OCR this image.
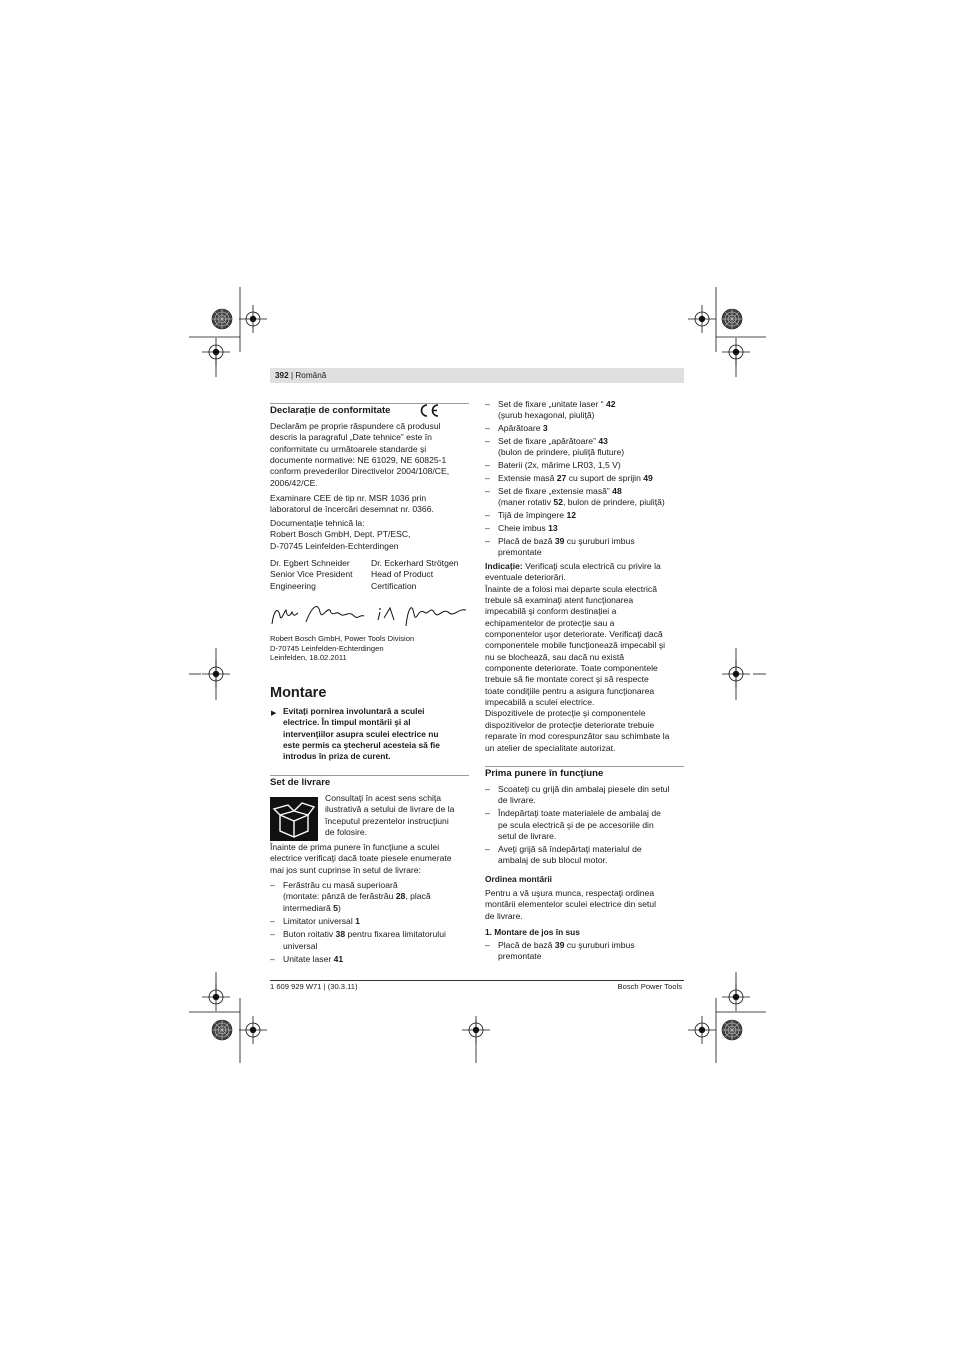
392 | Română
Declarație de conformitate
Declarăm pe proprie răspundere că produsul
descris la paragraful „Date tehnice” este în
conformitate cu următoarele standarde și
documente normative: NE 61029, NE 60825-1
conform prevederilor Directivelor 2004/108/CE,
2006/42/CE.
Examinare CEE de tip nr. MSR 1036 prin
laboratorul de încercări desemnat nr. 0366.
Documentație tehnică la:
Robert Bosch GmbH, Dept. PT/ESC,
D-70745 Leinfelden-Echterdingen
Dr. Egbert Schneider
Senior Vice President
Engineering
Dr. Eckerhard Strötgen
Head of Product
Certification
Robert Bosch GmbH, Power Tools Division
D-70745 Leinfelden-Echterdingen
Leinfelden, 18.02.2011
Montare
▶ Evitați pornirea involuntară a sculei
electrice. În timpul montării şi al
intervenţiilor asupra sculei electrice nu
este permis ca ştecherul acesteia să fie
introdus în priza de curent.
Set de livrare
Consultaţi în acest sens schiţa
ilustrativă a setului de livrare de la
începutul prezentelor instrucţiuni
de folosire.
Înainte de prima punere în funcţiune a sculei
electrice verificaţi dacă toate piesele enumerate
mai jos sunt cuprinse în setul de livrare:
– Ferăstrău cu masă superioară
(montate: pânză de ferăstrău 28, placă
intermediară 5)
– Limitator universal 1
– Buton roitativ 38 pentru fixarea limitatorului
universal
– Unitate laser 41
– Set de fixare „unitate laser “ 42
(şurub hexagonal, piuliță)
– Apărătoare 3
– Set de fixare „apărătoare” 43
(bulon de prindere, piuliţă fluture)
– Baterii (2x, mărime LR03, 1,5 V)
– Extensie masă 27 cu suport de sprijin 49
– Set de fixare „extensie masă” 48
(maner rotativ 52, bulon de prindere, piuliță)
– Tijă de împingere 12
– Cheie imbus 13
– Placă de bază 39 cu şuruburi imbus
premontate
Indicație: Verificaţi scula electrică cu privire la
eventuale deteriorări.
Înainte de a folosi mai departe scula electrică
trebuie să examinaţi atent funcţionarea
impecabilă şi conform destinaţiei a
echipamentelor de protecţie sau a
componentelor uşor deteriorate. Verificaţi dacă
componentele mobile funcţionează impecabil şi
nu se blochează, sau dacă nu există
componente deteriorate. Toate componentele
trebuie să fie montate corect şi să respecte
toate condiţiile pentru a asigura funcţionarea
impecabilă a sculei electrice.
Dispozitivele de protecţie şi componentele
dispozitivelor de protecţie deteriorate trebuie
reparate în mod corespunzător sau schimbate la
un atelier de specialitate autorizat.
Prima punere în funcţiune
– Scoateţi cu grijă din ambalaj piesele din setul
de livrare.
– Îndepărtaţi toate materialele de ambalaj de
pe scula electrică şi de pe accesoriile din
setul de livrare.
– Aveţi grijă să îndepărtaţi materialul de
ambalaj de sub blocul motor.
Ordinea montării
Pentru a vă uşura munca, respectaţi ordinea
montării elementelor sculei electrice din setul
de livrare.
1. Montare de jos în sus
– Placă de bază 39 cu şuruburi imbus
premontate
1 609 929 W71 | (30.3.11)	Bosch Power Tools
